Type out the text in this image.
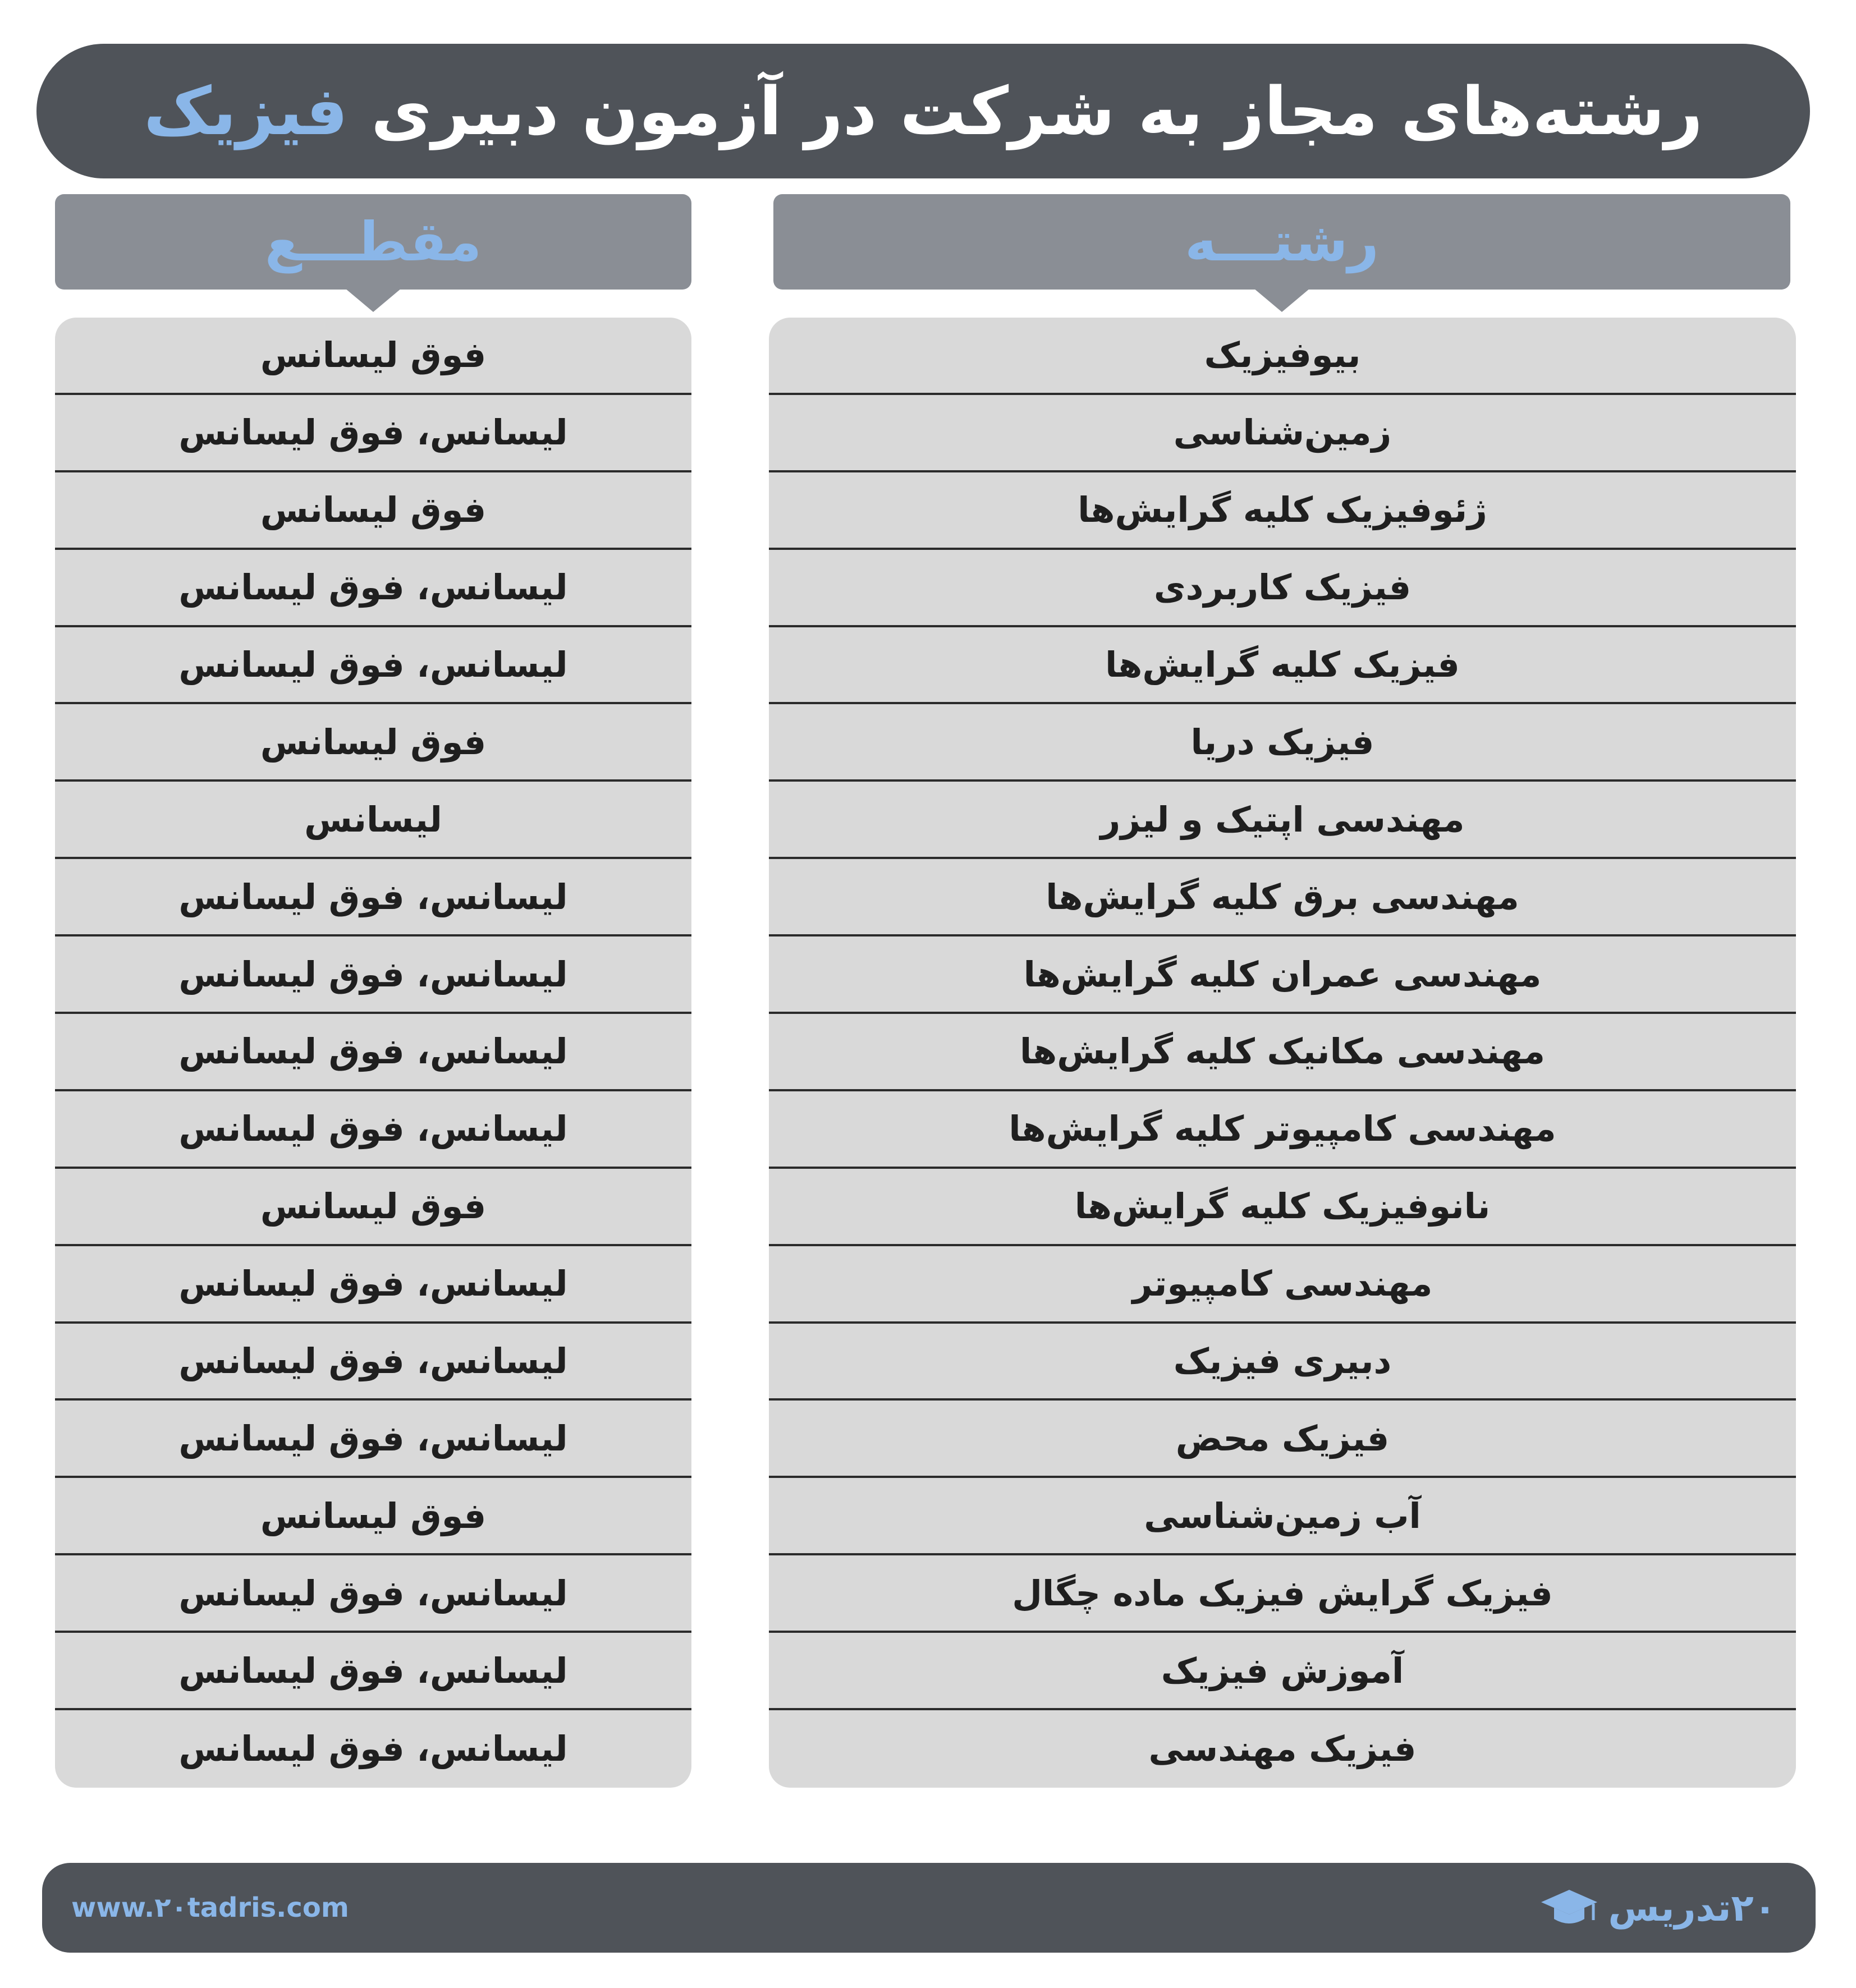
رشته‌های مجاز به شرکت در آزمون دبیری فیزیک
رشتـــه
مقطـــع
بیوفیزیک
زمین‌شناسی
ژئوفیزیک کلیه گرایش‌ها
فیزیک کاربردی
فیزیک کلیه گرایش‌ها
فیزیک دریا
مهندسی اپتیک و لیزر
مهندسی برق کلیه گرایش‌ها
مهندسی عمران کلیه گرایش‌ها
مهندسی مکانیک کلیه گرایش‌ها
مهندسی کامپیوتر کلیه گرایش‌ها
نانوفیزیک کلیه گرایش‌ها
مهندسی کامپیوتر
دبیری فیزیک
فیزیک محض
آب زمین‌شناسی
فیزیک گرایش فیزیک ماده چگال
آموزش فیزیک
فیزیک مهندسی
فوق لیسانس
لیسانس، فوق لیسانس
فوق لیسانس
لیسانس، فوق لیسانس
لیسانس، فوق لیسانس
فوق لیسانس
لیسانس
لیسانس، فوق لیسانس
لیسانس، فوق لیسانس
لیسانس، فوق لیسانس
لیسانس، فوق لیسانس
فوق لیسانس
لیسانس، فوق لیسانس
لیسانس، فوق لیسانس
لیسانس، فوق لیسانس
فوق لیسانس
لیسانس، فوق لیسانس
لیسانس، فوق لیسانس
لیسانس، فوق لیسانس
www.۲۰tadris.com	۲۰تدریس
